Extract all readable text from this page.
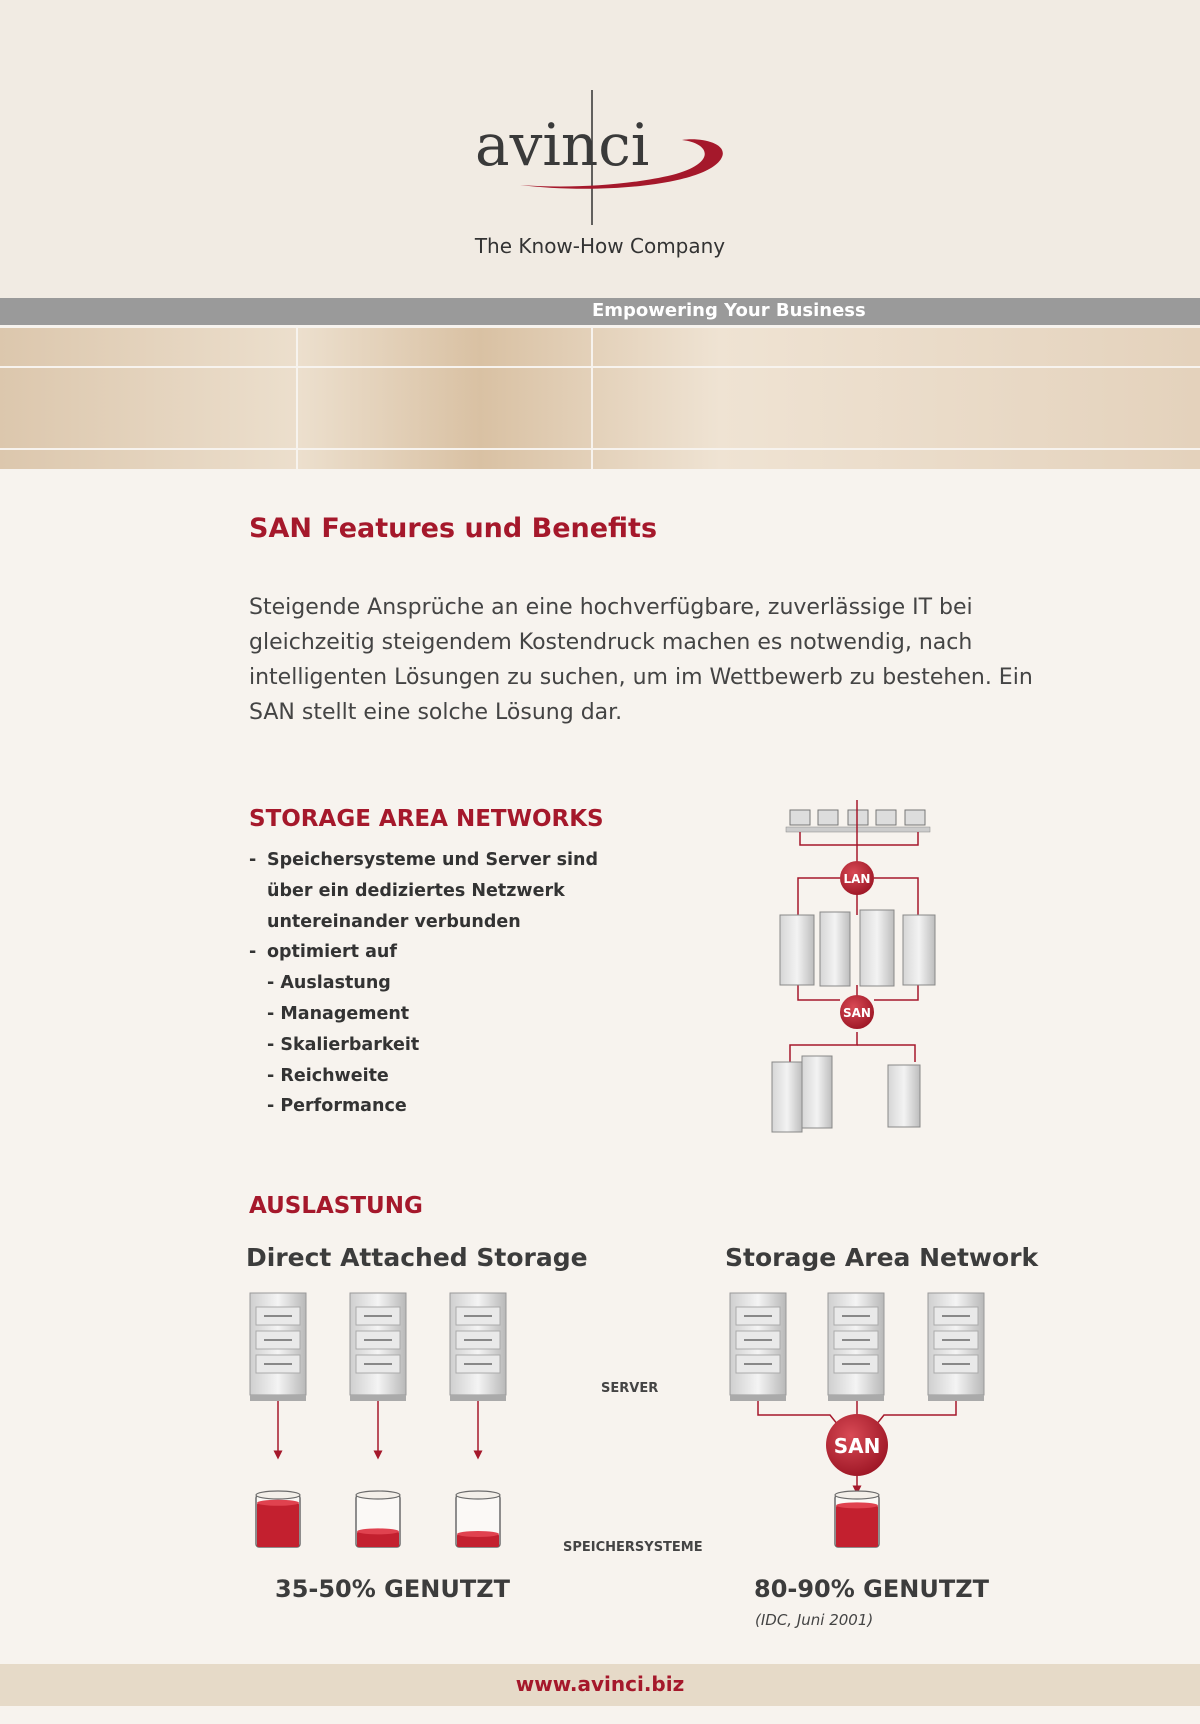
avinci
The Know-How Company
Empowering Your Business
SAN Features und Benefits

Steigende Ansprüche an eine hochverfügbare, zuverlässige IT bei gleichzeitig steigendem Kostendruck machen es notwendig, nach intelligenten Lösungen zu suchen, um im Wettbewerb zu bestehen. Ein SAN stellt eine solche Lösung dar.

STORAGE AREA NETWORKS
- Speichersysteme und Server sind
über ein dediziertes Netzwerk
untereinander verbunden
- optimiert auf
- Auslastung
- Management
- Skalierbarkeit
- Reichweite
- Performance
LAN
SAN
AUSLASTUNG
Direct Attached Storage	Storage Area Network
SERVER
SPEICHERSYSTEME
SAN
35-50% GENUTZT	80-90% GENUTZT
(IDC, Juni 2001)
www.avinci.biz
